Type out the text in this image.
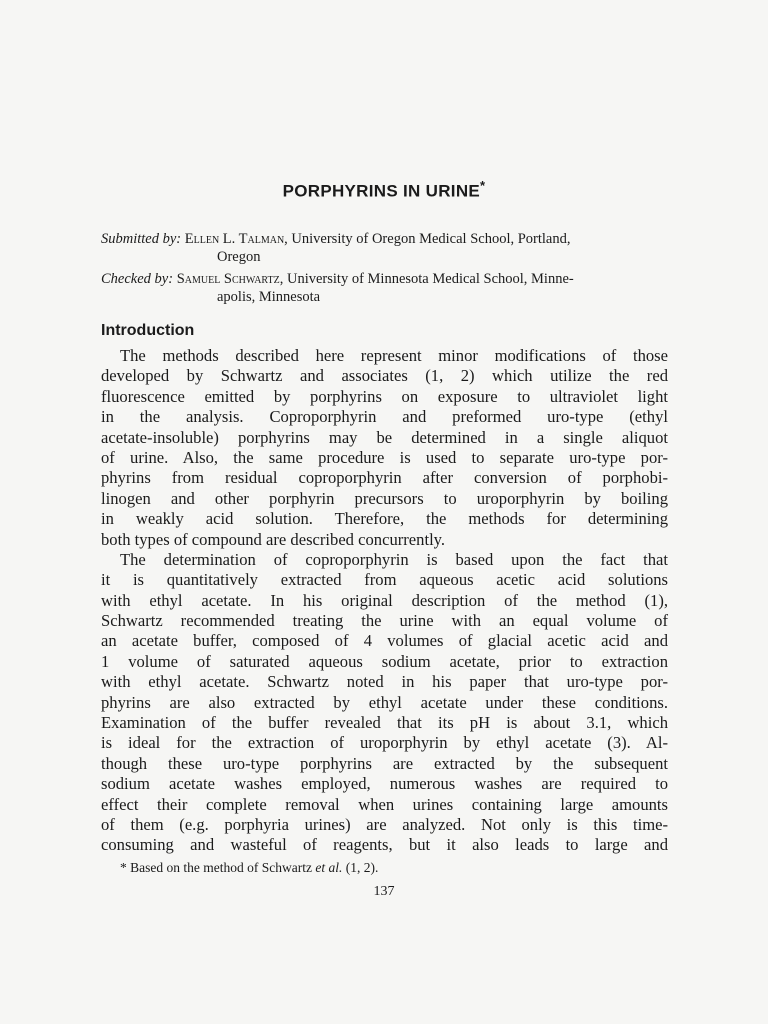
PORPHYRINS IN URINE*
Submitted by: Ellen L. Talman, University of Oregon Medical School, Portland,
Oregon
Checked by: Samuel Schwartz, University of Minnesota Medical School, Minne-
apolis, Minnesota
Introduction
The methods described here represent minor modifications of those
developed by Schwartz and associates (1, 2) which utilize the red
fluorescence emitted by porphyrins on exposure to ultraviolet light
in the analysis. Coproporphyrin and preformed uro-type (ethyl
acetate-insoluble) porphyrins may be determined in a single aliquot
of urine. Also, the same procedure is used to separate uro-type por-
phyrins from residual coproporphyrin after conversion of porphobi-
linogen and other porphyrin precursors to uroporphyrin by boiling
in weakly acid solution. Therefore, the methods for determining
both types of compound are described concurrently.
The determination of coproporphyrin is based upon the fact that
it is quantitatively extracted from aqueous acetic acid solutions
with ethyl acetate. In his original description of the method (1),
Schwartz recommended treating the urine with an equal volume of
an acetate buffer, composed of 4 volumes of glacial acetic acid and
1 volume of saturated aqueous sodium acetate, prior to extraction
with ethyl acetate. Schwartz noted in his paper that uro-type por-
phyrins are also extracted by ethyl acetate under these conditions.
Examination of the buffer revealed that its pH is about 3.1, which
is ideal for the extraction of uroporphyrin by ethyl acetate (3). Al-
though these uro-type porphyrins are extracted by the subsequent
sodium acetate washes employed, numerous washes are required to
effect their complete removal when urines containing large amounts
of them (e.g. porphyria urines) are analyzed. Not only is this time-
consuming and wasteful of reagents, but it also leads to large and
* Based on the method of Schwartz et al. (1, 2).
137
